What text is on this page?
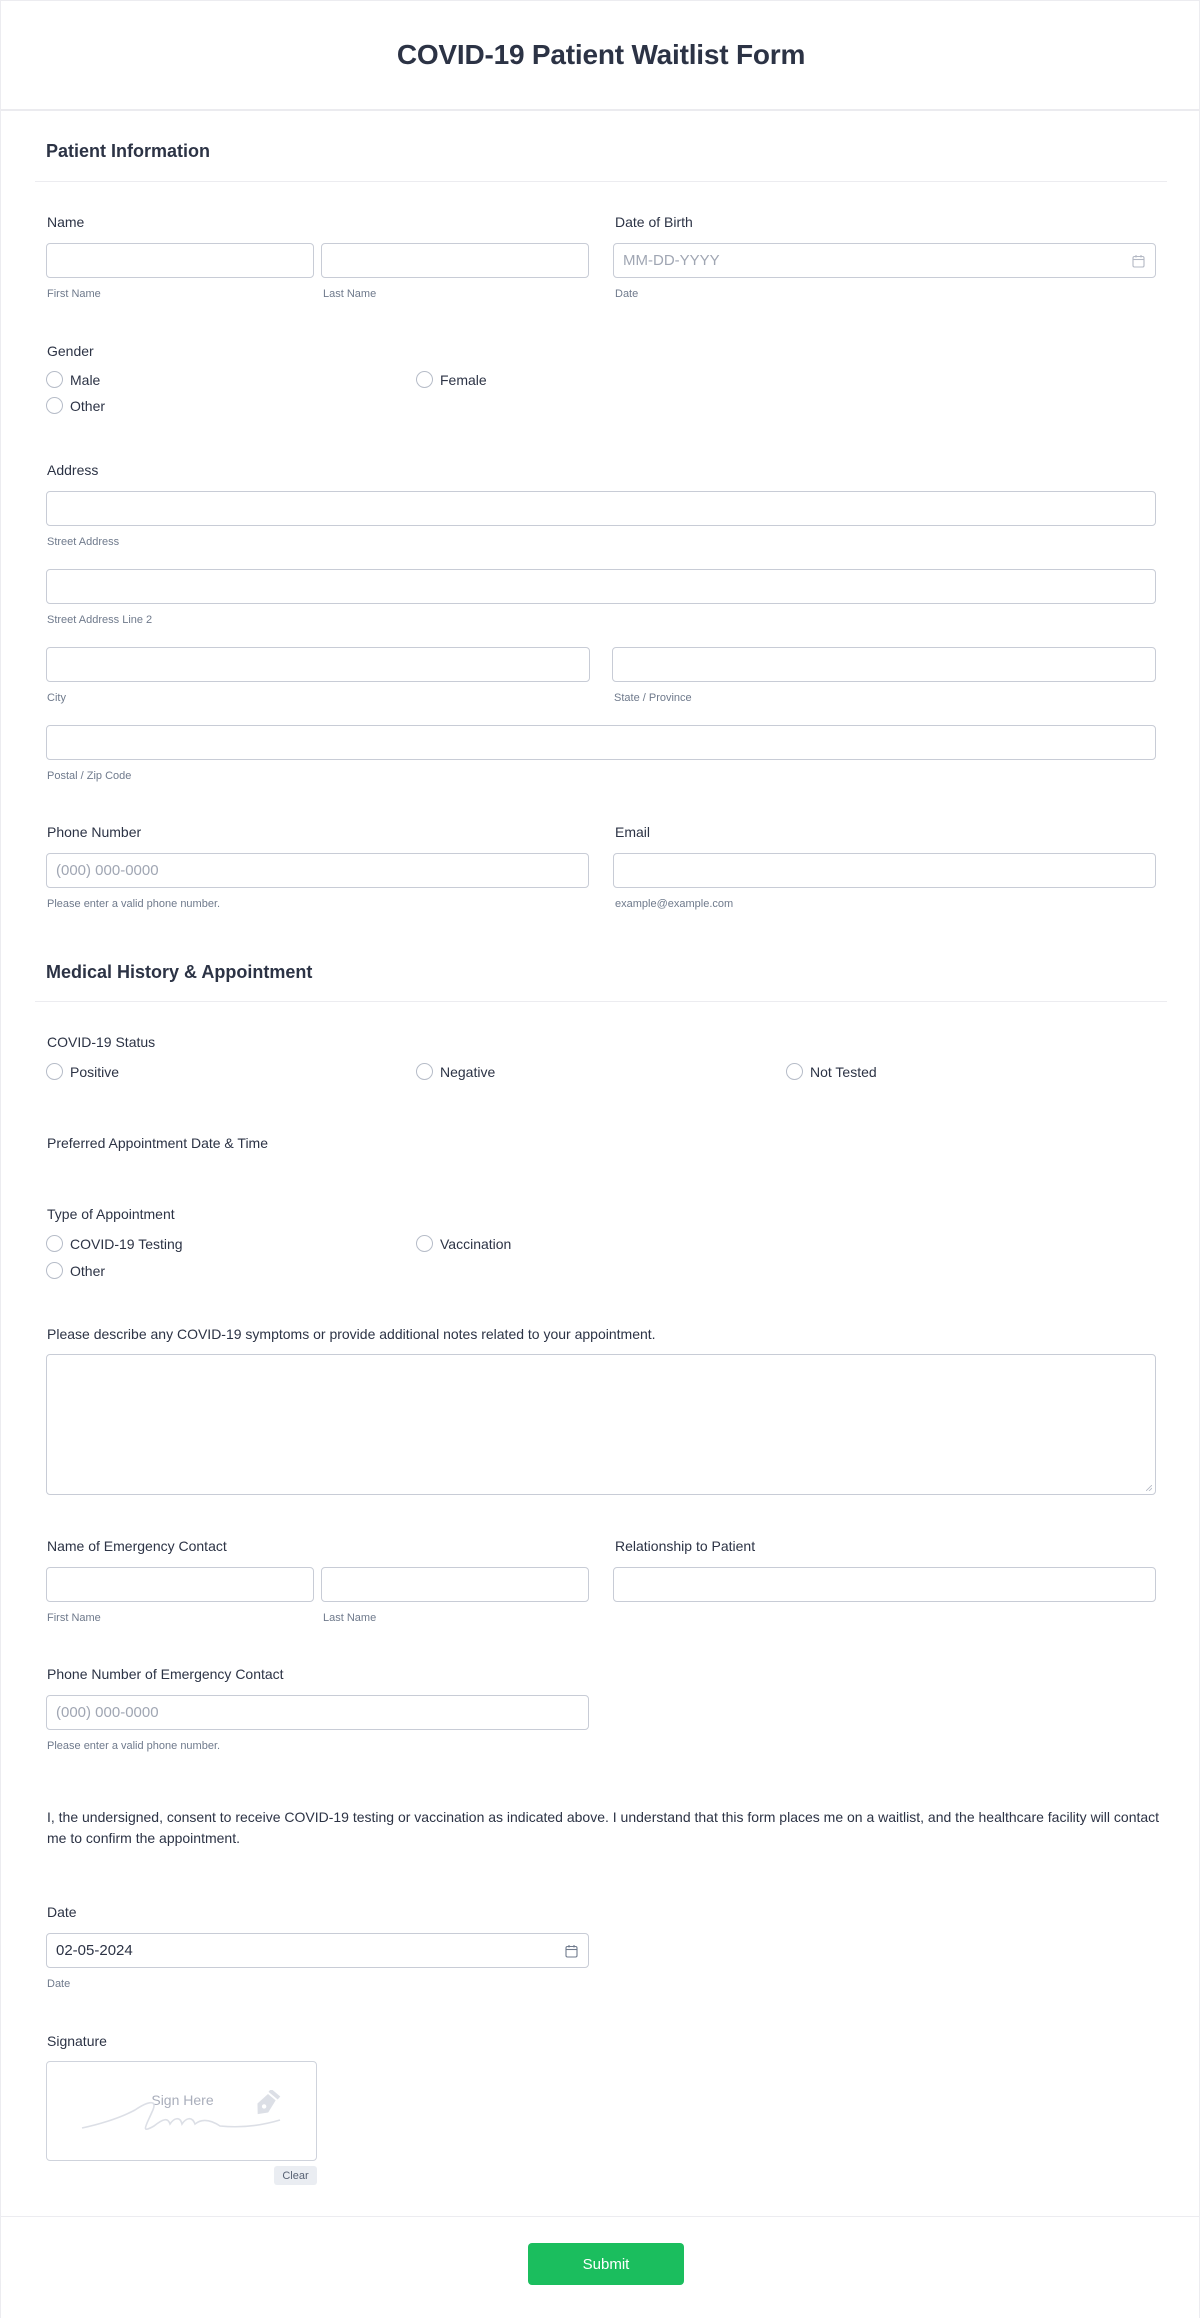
COVID-19 Patient Waitlist Form
Patient Information
Name
First Name	Last Name
Date of Birth
MM-DD-YYYY
Date
Gender
Male	Female
Other
Address
Street Address
Street Address Line 2
City	State / Province
Postal / Zip Code
Phone Number
(000) 000-0000
Please enter a valid phone number.
Email
example@example.com
Medical History & Appointment
COVID-19 Status
Positive	Negative	Not Tested
Preferred Appointment Date & Time
Type of Appointment
COVID-19 Testing	Vaccination
Other
Please describe any COVID-19 symptoms or provide additional notes related to your appointment.
Name of Emergency Contact
First Name	Last Name
Relationship to Patient
Phone Number of Emergency Contact
(000) 000-0000
Please enter a valid phone number.
I, the undersigned, consent to receive COVID-19 testing or vaccination as indicated above. I understand that this form places me on a waitlist, and the healthcare facility will contact me to confirm the appointment.
Date
02-05-2024
Date
Signature
Sign Here
Clear
Submit
